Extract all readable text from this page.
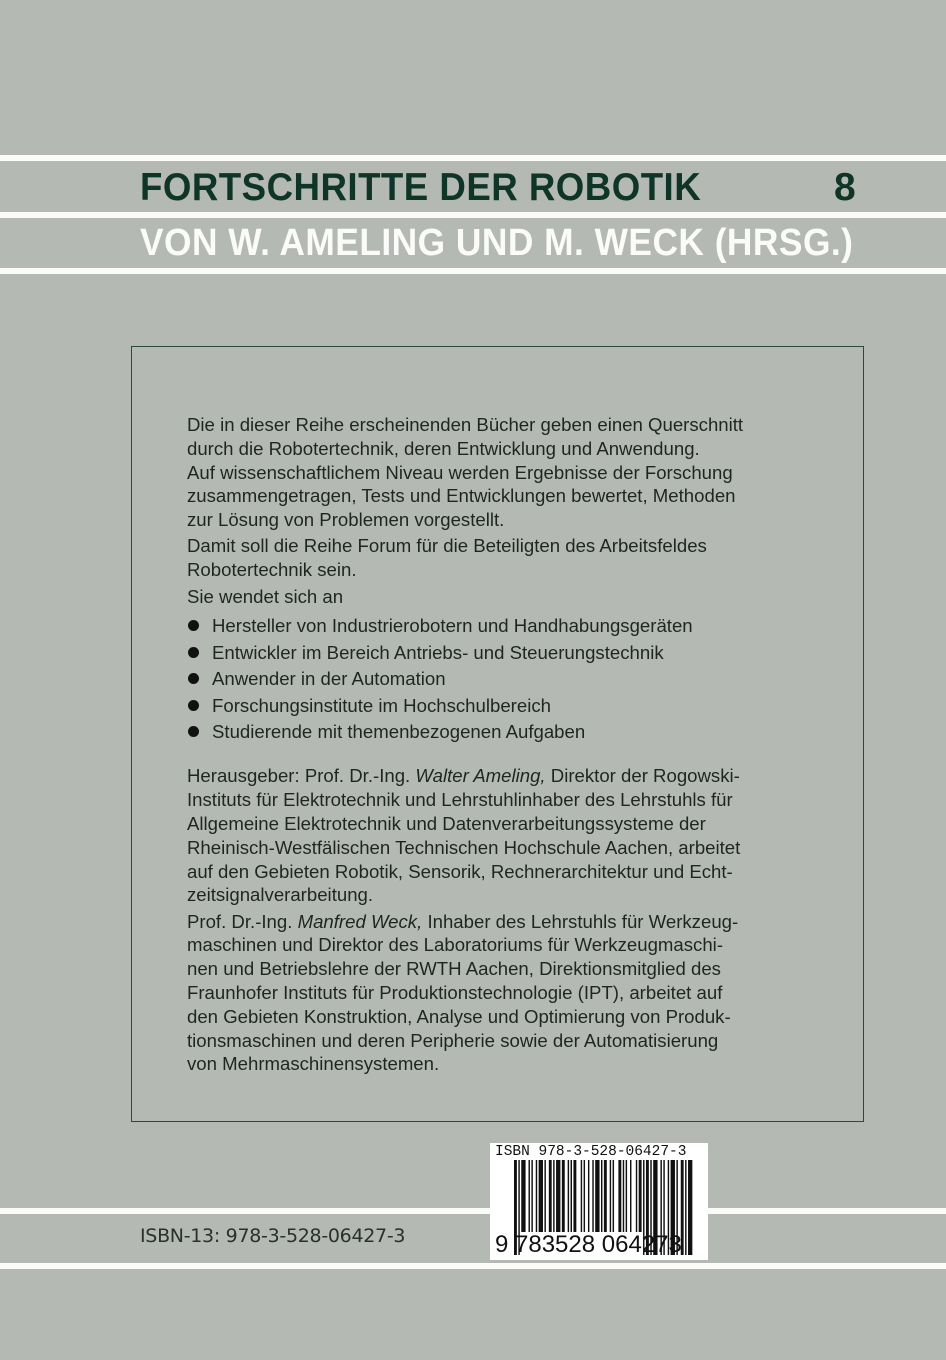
FORTSCHRITTE DER ROBOTIK	8
VON W. AMELING UND M. WECK (HRSG.)

Die in dieser Reihe erscheinenden Bücher geben einen Querschnitt
durch die Robotertechnik, deren Entwicklung und Anwendung.
Auf wissenschaftlichem Niveau werden Ergebnisse der Forschung
zusammengetragen, Tests und Entwicklungen bewertet, Methoden
zur Lösung von Problemen vorgestellt.

Damit soll die Reihe Forum für die Beteiligten des Arbeitsfeldes
Robotertechnik sein.

Sie wendet sich an

Hersteller von Industrierobotern und Handhabungsgeräten
Entwickler im Bereich Antriebs- und Steuerungstechnik
Anwender in der Automation
Forschungsinstitute im Hochschulbereich
Studierende mit themenbezogenen Aufgaben

Herausgeber: Prof. Dr.-Ing. Walter Ameling, Direktor der Rogowski-
Instituts für Elektrotechnik und Lehrstuhlinhaber des Lehrstuhls für
Allgemeine Elektrotechnik und Datenverarbeitungssysteme der
Rheinisch-Westfälischen Technischen Hochschule Aachen, arbeitet
auf den Gebieten Robotik, Sensorik, Rechnerarchitektur und Echt-
zeitsignalverarbeitung.

Prof. Dr.-Ing. Manfred Weck, Inhaber des Lehrstuhls für Werkzeug-
maschinen und Direktor des Laboratoriums für Werkzeugmaschi-
nen und Betriebslehre der RWTH Aachen, Direktionsmitglied des
Fraunhofer Instituts für Produktionstechnologie (IPT), arbeitet auf
den Gebieten Konstruktion, Analyse und Optimierung von Produk-
tionsmaschinen und deren Peripherie sowie der Automatisierung
von Mehrmaschinensystemen.

ISBN-13: 978-3-528-06427-3
ISBN 978-3-528-06427-3
9 783528 064273
